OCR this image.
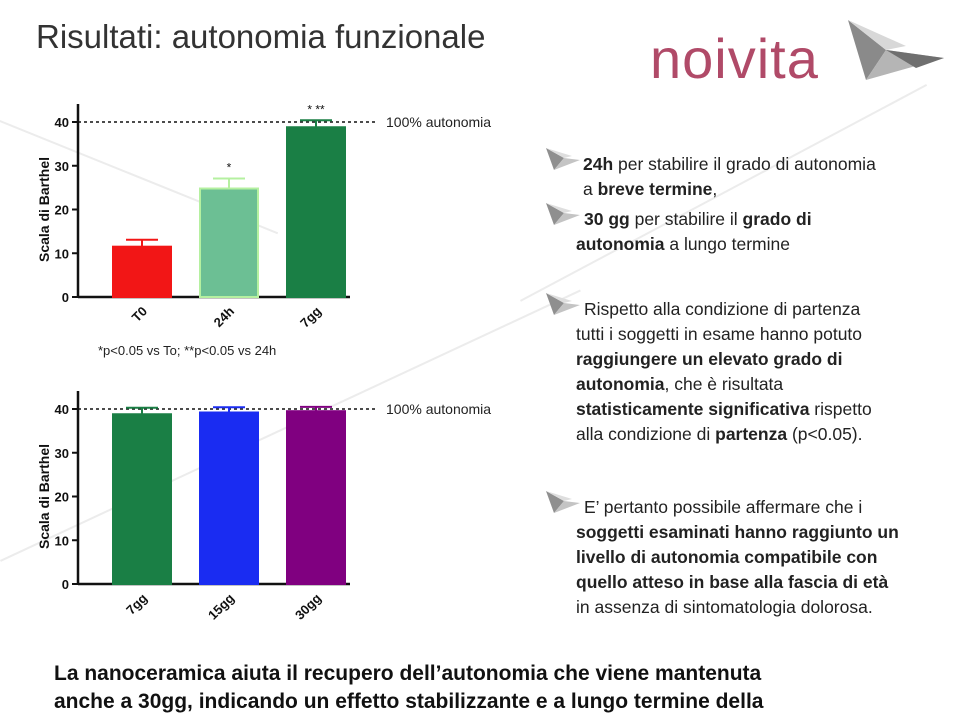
Risultati: autonomia funzionale	noivita
0
10
20
30
40
Scala di Barthel
100% autonomia
T0
*
24h
* **
7gg
*p<0.05 vs To; **p<0.05 vs 24h
0
10
20
30
40
Scala di Barthel
100% autonomia
7gg	15gg	30gg
24h per stabilire il grado di autonomia
a breve termine,
30 gg per stabilire il grado di
autonomia a lungo termine
Rispetto alla condizione di partenza
tutti i soggetti in esame hanno potuto
raggiungere un elevato grado di
autonomia, che è risultata
statisticamente significativa rispetto
alla condizione di partenza (p<0.05).
E’ pertanto possibile affermare che i
soggetti esaminati hanno raggiunto un
livello di autonomia compatibile con
quello atteso in base alla fascia di età
in assenza di sintomatologia dolorosa.
La nanoceramica aiuta il recupero dell’autonomia che viene mantenuta
anche a 30gg, indicando un effetto stabilizzante e a lungo termine della
